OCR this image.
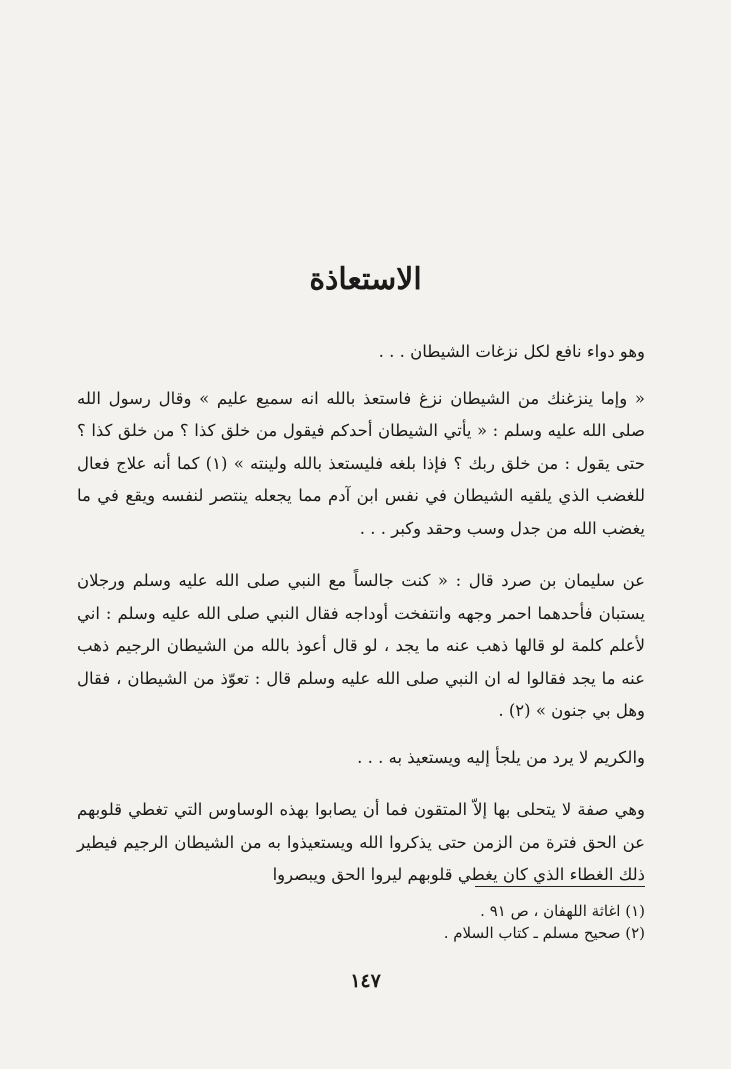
الاستعاذة

وهو دواء نافع لكل نزغات الشيطان . . .

« وإما ينزغنك من الشيطان نزغ فاستعذ بالله انه سميع عليم » وقال رسول الله صلى الله عليه وسلم : « يأتي الشيطان أحدكم فيقول من خلق كذا ؟ من خلق كذا ؟ حتى يقول : من خلق ربك ؟ فإذا بلغه فليستعذ بالله ولينته » (١) كما أنه علاج فعال للغضب الذي يلقيه الشيطان في نفس ابن آدم مما يجعله ينتصر لنفسه ويقع في ما يغضب الله من جدل وسب وحقد وكبر . . .

عن سليمان بن صرد قال : « كنت جالساً مع النبي صلى الله عليه وسلم ورجلان يستبان فأحدهما احمر وجهه وانتفخت أوداجه فقال النبي صلى الله عليه وسلم : اني لأعلم كلمة لو قالها ذهب عنه ما يجد ، لو قال أعوذ بالله من الشيطان الرجيم ذهب عنه ما يجد فقالوا له ان النبي صلى الله عليه وسلم قال : تعوّذ من الشيطان ، فقال وهل بي جنون » (٢) .

والكريم لا يرد من يلجأ إليه ويستعيذ به . . .

وهي صفة لا يتحلى بها إلاّ المتقون فما أن يصابوا بهذه الوساوس التي تغطي قلوبهم عن الحق فترة من الزمن حتى يذكروا الله ويستعيذوا به من الشيطان الرجيم فيطير ذلك الغطاء الذي كان يغطي قلوبهم ليروا الحق ويبصروا

(١) اغاثة اللهفان ، ص ٩١ .

(٢) صحيح مسلم ـ كتاب السلام .

١٤٧
